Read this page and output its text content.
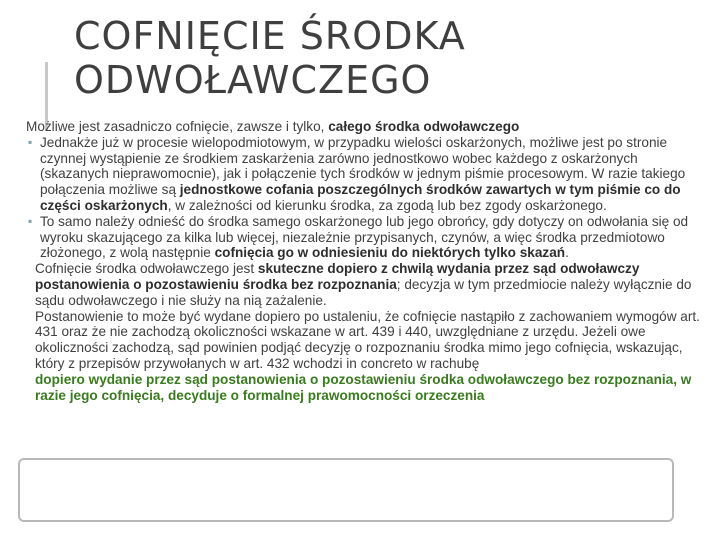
COFNIĘCIE ŚRODKA
ODWOŁAWCZEGO

Możliwe jest zasadniczo cofnięcie, zawsze i tylko, całego środka odwoławczego

▪ Jednakże już w procesie wielopodmiotowym, w przypadku wielości oskarżonych, możliwe jest po stronie czynnej wystąpienie ze środkiem zaskarżenia zarówno jednostkowo wobec każdego z oskarżonych (skazanych nieprawomocnie), jak i połączenie tych środków w jednym piśmie procesowym. W razie takiego połączenia możliwe są jednostkowe cofania poszczególnych środków zawartych w tym piśmie co do części oskarżonych, w zależności od kierunku środka, za zgodą lub bez zgody oskarżonego.

▪ To samo należy odnieść do środka samego oskarżonego lub jego obrońcy, gdy dotyczy on odwołania się od wyroku skazującego za kilka lub więcej, niezależnie przypisanych, czynów, a więc środka przedmiotowo złożonego, z wolą następnie cofnięcia go w odniesieniu do niektórych tylko skazań.

Cofnięcie środka odwoławczego jest skuteczne dopiero z chwilą wydania przez sąd odwoławczy postanowienia o pozostawieniu środka bez rozpoznania; decyzja w tym przedmiocie należy wyłącznie do sądu odwoławczego i nie służy na nią zażalenie.

Postanowienie to może być wydane dopiero po ustaleniu, że cofnięcie nastąpiło z zachowaniem wymogów art. 431 oraz że nie zachodzą okoliczności wskazane w art. 439 i 440, uwzględniane z urzędu. Jeżeli owe okoliczności zachodzą, sąd powinien podjąć decyzję o rozpoznaniu środka mimo jego cofnięcia, wskazując, który z przepisów przywołanych w art. 432 wchodzi in concreto w rachubę

dopiero wydanie przez sąd postanowienia o pozostawieniu środka odwoławczego bez rozpoznania, w razie jego cofnięcia, decyduje o formalnej prawomocności orzeczenia
